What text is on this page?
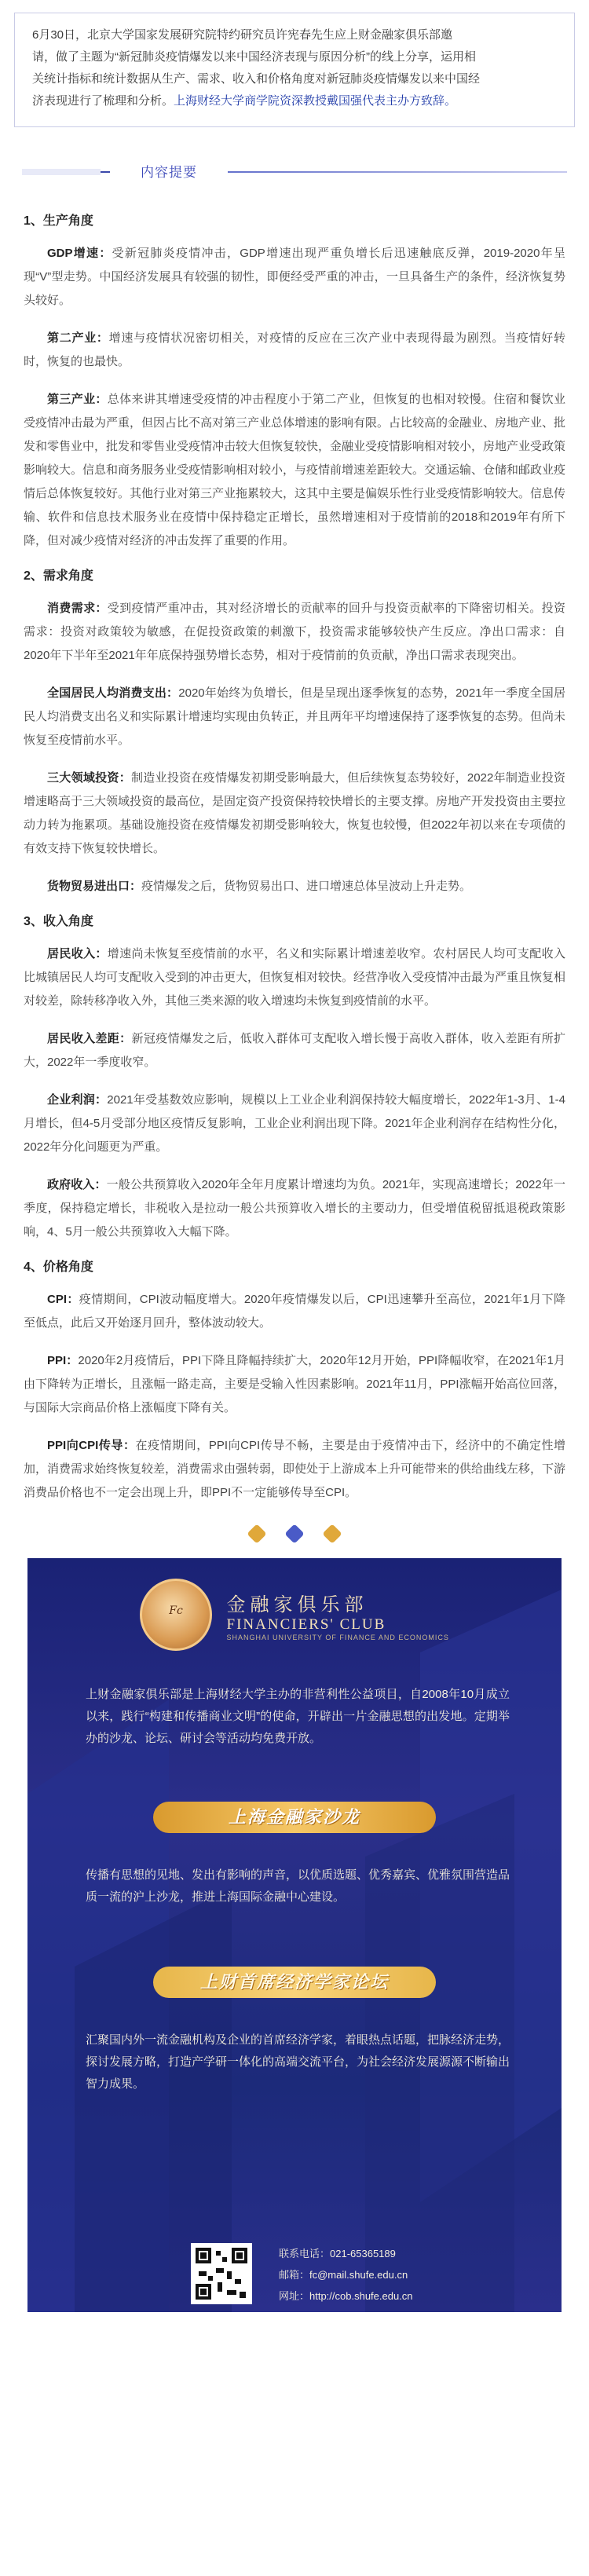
6月30日，北京大学国家发展研究院特约研究员许宪春先生应上财金融家俱乐部邀
请，做了主题为“新冠肺炎疫情爆发以来中国经济表现与原因分析”的线上分享，运用相
关统计指标和统计数据从生产、需求、收入和价格角度对新冠肺炎疫情爆发以来中国经
济表现进行了梳理和分析。上海财经大学商学院资深教授戴国强代表主办方致辞。
内容提要
1、生产角度

GDP增速：受新冠肺炎疫情冲击，GDP增速出现严重负增长后迅速触底反弹，2019-2020年呈现“V”型走势。中国经济发展具有较强的韧性，即便经受严重的冲击，一旦具备生产的条件，经济恢复势头较好。

第二产业：增速与疫情状况密切相关，对疫情的反应在三次产业中表现得最为剧烈。当疫情好转时，恢复的也最快。

第三产业：总体来讲其增速受疫情的冲击程度小于第二产业，但恢复的也相对较慢。住宿和餐饮业受疫情冲击最为严重，但因占比不高对第三产业总体增速的影响有限。占比较高的金融业、房地产业、批发和零售业中，批发和零售业受疫情冲击较大但恢复较快，金融业受疫情影响相对较小，房地产业受政策影响较大。信息和商务服务业受疫情影响相对较小，与疫情前增速差距较大。交通运输、仓储和邮政业疫情后总体恢复较好。其他行业对第三产业拖累较大，这其中主要是偏娱乐性行业受疫情影响较大。信息传输、软件和信息技术服务业在疫情中保持稳定正增长，虽然增速相对于疫情前的2018和2019年有所下降，但对减少疫情对经济的冲击发挥了重要的作用。

2、需求角度

消费需求：受到疫情严重冲击，其对经济增长的贡献率的回升与投资贡献率的下降密切相关。投资需求：投资对政策较为敏感，在促投资政策的刺激下，投资需求能够较快产生反应。净出口需求：自2020年下半年至2021年年底保持强势增长态势，相对于疫情前的负贡献，净出口需求表现突出。

全国居民人均消费支出：2020年始终为负增长，但是呈现出逐季恢复的态势，2021年一季度全国居民人均消费支出名义和实际累计增速均实现由负转正，并且两年平均增速保持了逐季恢复的态势。但尚未恢复至疫情前水平。

三大领域投资：制造业投资在疫情爆发初期受影响最大，但后续恢复态势较好，2022年制造业投资增速略高于三大领域投资的最高位，是固定资产投资保持较快增长的主要支撑。房地产开发投资由主要拉动力转为拖累项。基础设施投资在疫情爆发初期受影响较大，恢复也较慢，但2022年初以来在专项债的有效支持下恢复较快增长。

货物贸易进出口：疫情爆发之后，货物贸易出口、进口增速总体呈波动上升走势。

3、收入角度

居民收入：增速尚未恢复至疫情前的水平，名义和实际累计增速差收窄。农村居民人均可支配收入比城镇居民人均可支配收入受到的冲击更大，但恢复相对较快。经营净收入受疫情冲击最为严重且恢复相对较差，除转移净收入外，其他三类来源的收入增速均未恢复到疫情前的水平。

居民收入差距：新冠疫情爆发之后，低收入群体可支配收入增长慢于高收入群体，收入差距有所扩大，2022年一季度收窄。

企业利润：2021年受基数效应影响，规模以上工业企业利润保持较大幅度增长，2022年1-3月、1-4月增长，但4-5月受部分地区疫情反复影响，工业企业利润出现下降。2021年企业利润存在结构性分化，2022年分化问题更为严重。

政府收入：一般公共预算收入2020年全年月度累计增速均为负。2021年，实现高速增长；2022年一季度，保持稳定增长，非税收入是拉动一般公共预算收入增长的主要动力，但受增值税留抵退税政策影响，4、5月一般公共预算收入大幅下降。

4、价格角度

CPI：疫情期间，CPI波动幅度增大。2020年疫情爆发以后，CPI迅速攀升至高位，2021年1月下降至低点，此后又开始逐月回升，整体波动较大。

PPI：2020年2月疫情后，PPI下降且降幅持续扩大，2020年12月开始，PPI降幅收窄，在2021年1月由下降转为正增长，且涨幅一路走高，主要是受输入性因素影响。2021年11月，PPI涨幅开始高位回落，与国际大宗商品价格上涨幅度下降有关。

PPI向CPI传导：在疫情期间，PPI向CPI传导不畅，主要是由于疫情冲击下，经济中的不确定性增加，消费需求始终恢复较差，消费需求由强转弱，即使处于上游成本上升可能带来的供给曲线左移，下游消费品价格也不一定会出现上升，即PPI不一定能够传导至CPI。

Fc
	金融家俱乐部
FINANCIERS' CLUB
SHANGHAI UNIVERSITY OF FINANCE AND ECONOMICS
上财金融家俱乐部是上海财经大学主办的非营利性公益项目，自2008年10月成立以来，践行“构建和传播商业文明”的使命，开辟出一片金融思想的出发地。定期举办的沙龙、论坛、研讨会等活动均免费开放。
上海金融家沙龙
传播有思想的见地、发出有影响的声音，以优质选题、优秀嘉宾、优雅氛围营造品质一流的沪上沙龙，推进上海国际金融中心建设。
上财首席经济学家论坛
汇聚国内外一流金融机构及企业的首席经济学家，着眼热点话题，把脉经济走势，探讨发展方略，打造产学研一体化的高端交流平台，为社会经济发展源源不断输出智力成果。
联系电话：021-65365189
邮箱：fc@mail.shufe.edu.cn
网址：http://cob.shufe.edu.cn
